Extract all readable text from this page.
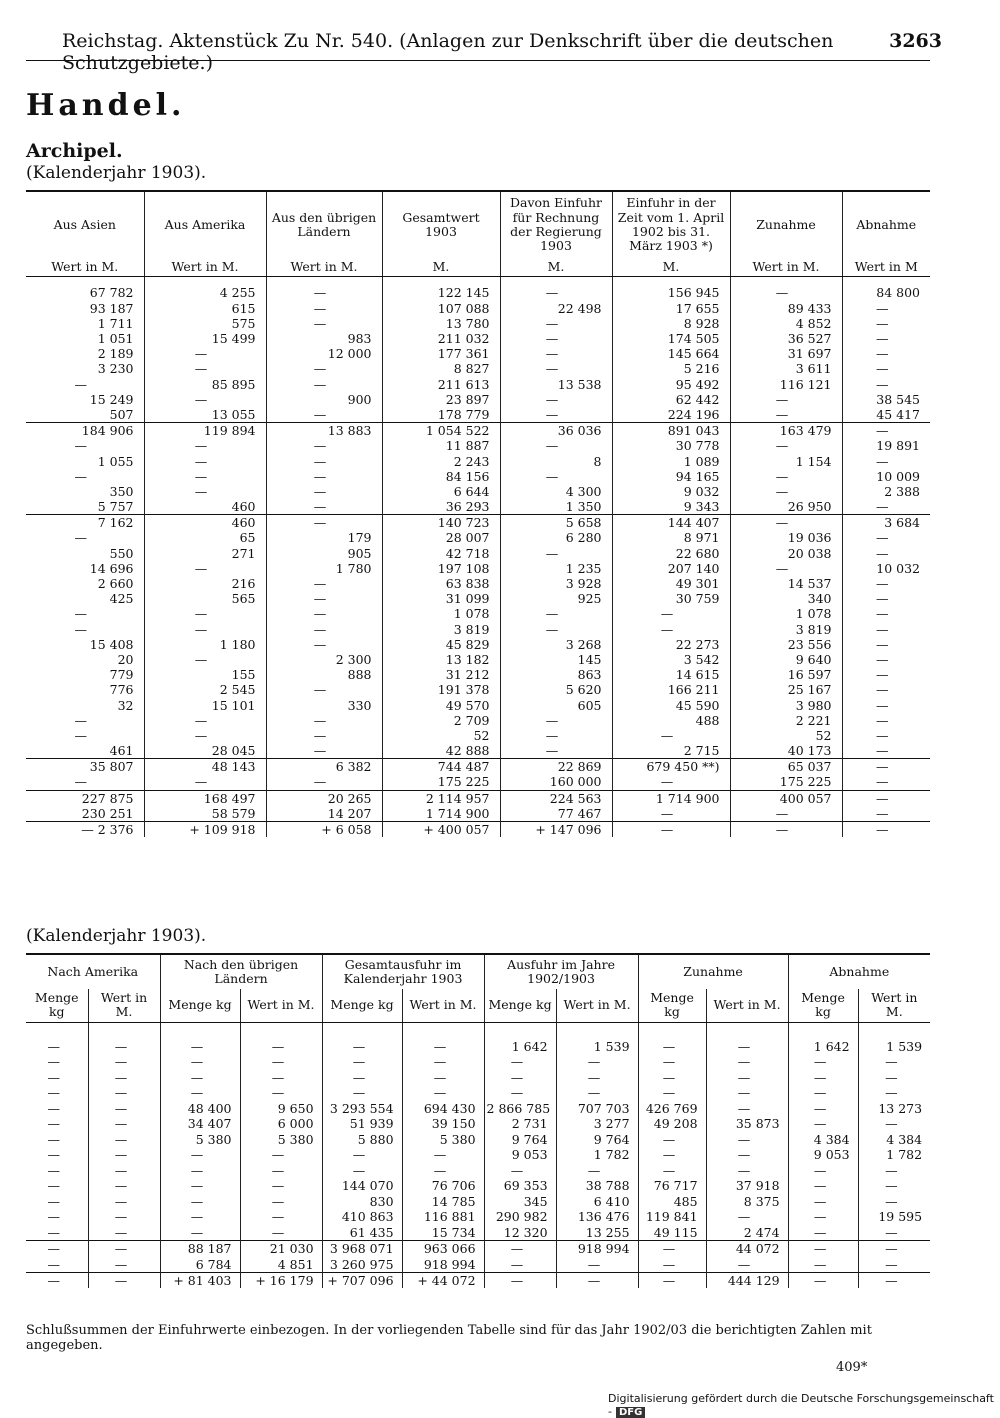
Reichstag. Aktenstück Zu Nr. 540. (Anlagen zur Denkschrift über die deutschen Schutzgebiete.)
3263
Handel.
Archipel.
(Kalenderjahr 1903).
Aus Asien	Aus Amerika	Aus den übrigen Ländern	Gesamtwert 1903	Davon Einfuhr für Rechnung der Regierung 1903	Einfuhr in der Zeit vom 1. April 1902 bis 31. März 1903 *)	Zunahme	Abnahme
Wert in M.	Wert in M.	Wert in M.	M.	M.	M.	Wert in M.	Wert in M

67 782	4 255	—	122 145	—	156 945	—	84 800
93 187	615	—	107 088	22 498	17 655	89 433	—
1 711	575	—	13 780	—	8 928	4 852	—
1 051	15 499	983	211 032	—	174 505	36 527	—
2 189	—	12 000	177 361	—	145 664	31 697	—
3 230	—	—	8 827	—	5 216	3 611	—
—	85 895	—	211 613	13 538	95 492	116 121	—
15 249	—	900	23 897	—	62 442	—	38 545
507	13 055	—	178 779	—	224 196	—	45 417
184 906	119 894	13 883	1 054 522	36 036	891 043	163 479	—
—	—	—	11 887	—	30 778	—	19 891
1 055	—	—	2 243	8	1 089	1 154	—
—	—	—	84 156	—	94 165	—	10 009
350	—	—	6 644	4 300	9 032	—	2 388
5 757	460	—	36 293	1 350	9 343	26 950	—
7 162	460	—	140 723	5 658	144 407	—	3 684
—	65	179	28 007	6 280	8 971	19 036	—
550	271	905	42 718	—	22 680	20 038	—
14 696	—	1 780	197 108	1 235	207 140	—	10 032
2 660	216	—	63 838	3 928	49 301	14 537	—
425	565	—	31 099	925	30 759	340	—
—	—	—	1 078	—	—	1 078	—
—	—	—	3 819	—	—	3 819	—
15 408	1 180	—	45 829	3 268	22 273	23 556	—
20	—	2 300	13 182	145	3 542	9 640	—
779	155	888	31 212	863	14 615	16 597	—
776	2 545	—	191 378	5 620	166 211	25 167	—
32	15 101	330	49 570	605	45 590	3 980	—
—	—	—	2 709	—	488	2 221	—
—	—	—	52	—	—	52	—
461	28 045	—	42 888	—	2 715	40 173	—
35 807	48 143	6 382	744 487	22 869	679 450 **)	65 037	—
—	—	—	175 225	160 000	—	175 225	—
227 875	168 497	20 265	2 114 957	224 563	1 714 900	400 057	—
230 251	58 579	14 207	1 714 900	77 467	—	—	—
— 2 376	+ 109 918	+ 6 058	+ 400 057	+ 147 096	—	—	—
(Kalenderjahr 1903).
Nach Amerika		Nach den übrigen Ländern		Gesamtausfuhr im Kalenderjahr 1903		Ausfuhr im Jahre 1902/1903		Zunahme		Abnahme	
Menge kg	Wert in M.	Menge kg	Wert in M.	Menge kg	Wert in M.	Menge kg	Wert in M.	Menge kg	Wert in M.	Menge kg	Wert in M.

—	—	—	—	—	—	1 642	1 539	—	—	1 642	1 539
—	—	—	—	—	—	—	—	—	—	—	—
—	—	—	—	—	—	—	—	—	—	—	—
—	—	—	—	—	—	—	—	—	—	—	—
—	—	48 400	9 650	3 293 554	694 430	2 866 785	707 703	426 769	—	—	13 273
—	—	34 407	6 000	51 939	39 150	2 731	3 277	49 208	35 873	—	—
—	—	5 380	5 380	5 880	5 380	9 764	9 764	—	—	4 384	4 384
—	—	—	—	—	—	9 053	1 782	—	—	9 053	1 782
—	—	—	—	—	—	—	—	—	—	—	—
—	—	—	—	144 070	76 706	69 353	38 788	76 717	37 918	—	—
—	—	—	—	830	14 785	345	6 410	485	8 375	—	—
—	—	—	—	410 863	116 881	290 982	136 476	119 841	—	—	19 595
—	—	—	—	61 435	15 734	12 320	13 255	49 115	2 474	—	—
—	—	88 187	21 030	3 968 071	963 066	—	918 994	—	44 072	—	—
—	—	6 784	4 851	3 260 975	918 994	—	—	—	—	—	—
—	—	+ 81 403	+ 16 179	+ 707 096	+ 44 072	—	—	—	444 129	—	—
Schlußsummen der Einfuhrwerte einbezogen. In der vorliegenden Tabelle sind für das Jahr 1902/03 die berichtigten Zahlen mit angegeben.
409*
Digitalisierung gefördert durch die Deutsche Forschungsgemeinschaft - DFG
